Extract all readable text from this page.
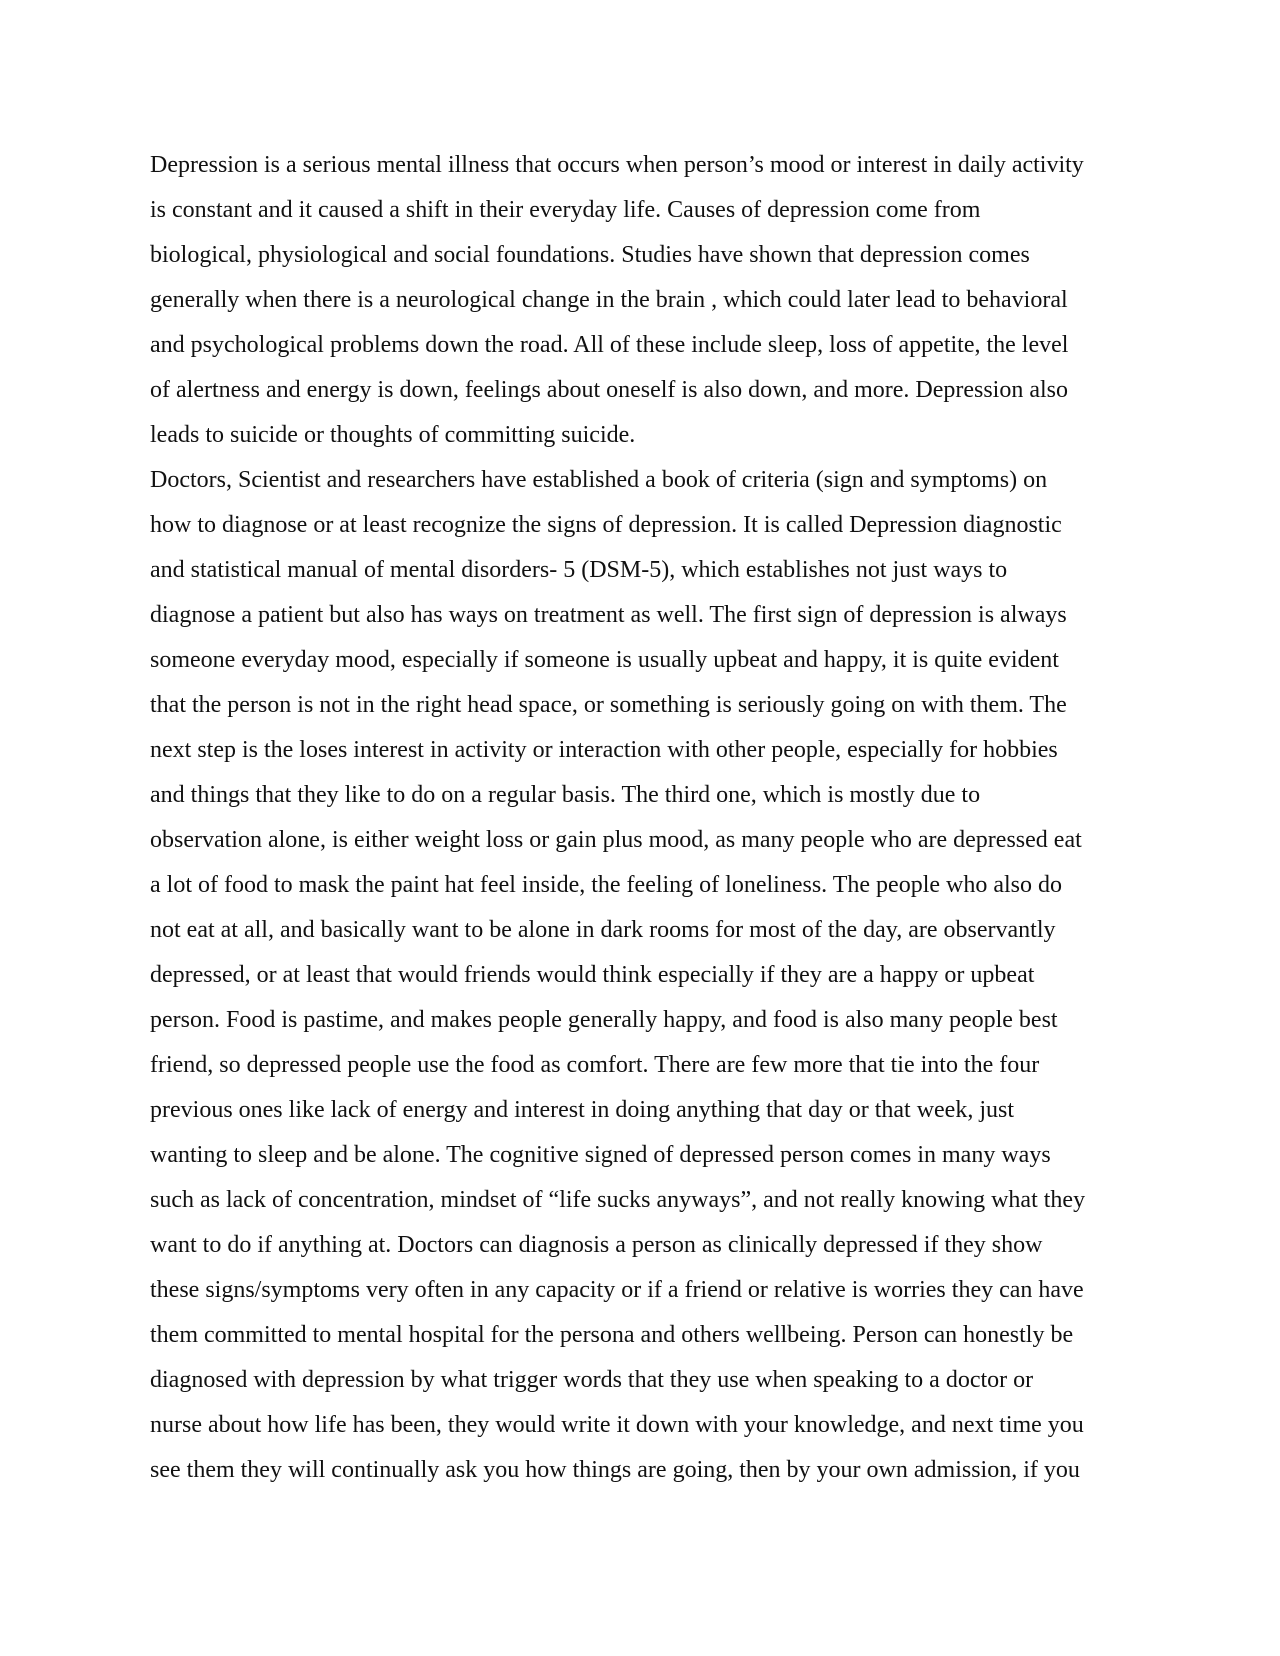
Depression is a serious mental illness that occurs when person’s mood or interest in daily activity
is constant and it caused a shift in their everyday life. Causes of depression come from
biological, physiological and social foundations. Studies have shown that depression comes
generally when there is a neurological change in the brain , which could later lead to behavioral
and psychological problems down the road. All of these include sleep, loss of appetite, the level
of alertness and energy is down, feelings about oneself is also down, and more. Depression also
leads to suicide or thoughts of committing suicide.
Doctors, Scientist and researchers have established a book of criteria (sign and symptoms) on
how to diagnose or at least recognize the signs of depression. It is called Depression diagnostic
and statistical manual of mental disorders- 5 (DSM-5), which establishes not just ways to
diagnose a patient but also has ways on treatment as well. The first sign of depression is always
someone everyday mood, especially if someone is usually upbeat and happy, it is quite evident
that the person is not in the right head space, or something is seriously going on with them. The
next step is the loses interest in activity or interaction with other people, especially for hobbies
and things that they like to do on a regular basis. The third one, which is mostly due to
observation alone, is either weight loss or gain plus mood, as many people who are depressed eat
a lot of food to mask the paint hat feel inside, the feeling of loneliness. The people who also do
not eat at all, and basically want to be alone in dark rooms for most of the day, are observantly
depressed, or at least that would friends would think especially if they are a happy or upbeat
person. Food is pastime, and makes people generally happy, and food is also many people best
friend, so depressed people use the food as comfort. There are few more that tie into the four
previous ones like lack of energy and interest in doing anything that day or that week, just
wanting to sleep and be alone. The cognitive signed of depressed person comes in many ways
such as lack of concentration, mindset of “life sucks anyways”, and not really knowing what they
want to do if anything at. Doctors can diagnosis a person as clinically depressed if they show
these signs/symptoms very often in any capacity or if a friend or relative is worries they can have
them committed to mental hospital for the persona and others wellbeing. Person can honestly be
diagnosed with depression by what trigger words that they use when speaking to a doctor or
nurse about how life has been, they would write it down with your knowledge, and next time you
see them they will continually ask you how things are going, then by your own admission, if you
